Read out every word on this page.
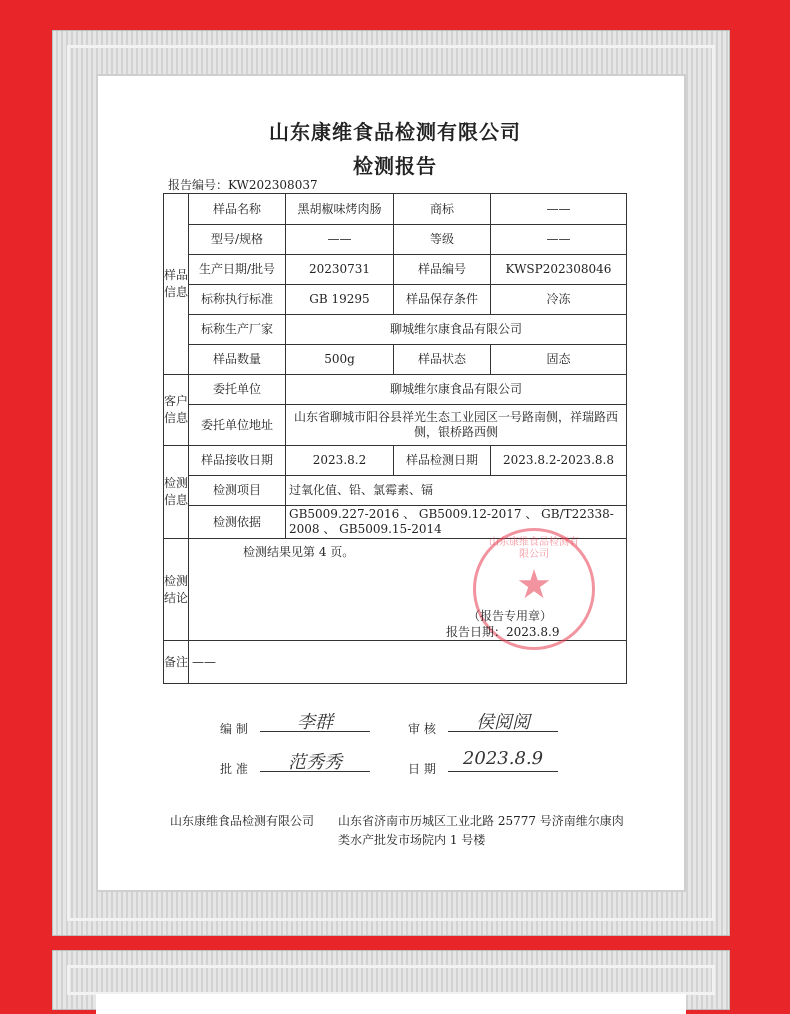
山东康维食品检测有限公司
检测报告
报告编号：KW202308037
样品信息	样品名称	黑胡椒味烤肉肠	商标	——
	型号/规格	——	等级	——
	生产日期/批号	20230731	样品编号	KWSP202308046
	标称执行标准	GB 19295	样品保存条件	冷冻
	标称生产厂家	聊城维尔康食品有限公司		
	样品数量	500g	样品状态	固态
客户信息	委托单位	聊城维尔康食品有限公司		
	委托单位地址	山东省聊城市阳谷县祥光生态工业园区一号路南侧，祥瑞路西侧，银桥路西侧		
检测信息	样品接收日期	2023.8.2	样品检测日期	2023.8.2-2023.8.8
	检测项目	过氧化值、铅、氯霉素、镉		
	检测依据	GB5009.227-2016 、 GB5009.12-2017 、 GB/T22338-2008 、 GB5009.15-2014		
检测结论	检测结果见第 4 页。			
备注	——			
山东康维食品检测有限公司
★
（报告专用章）
报告日期：2023.8.9
编 制	李群	审 核	侯阅阅
批 准	范秀秀	日 期	2023.8.9
山东康维食品检测有限公司 山东省济南市历城区工业北路 25777 号济南维尔康肉类水产批发市场院内 1 号楼
